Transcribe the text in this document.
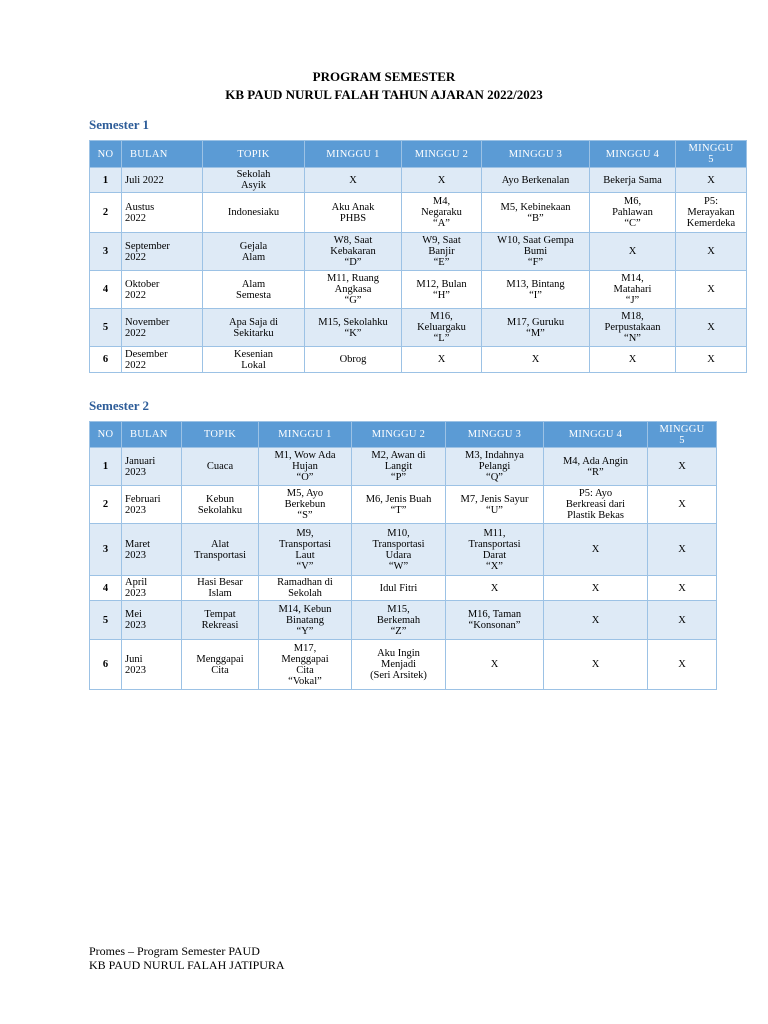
PROGRAM SEMESTER
KB PAUD NURUL FALAH TAHUN AJARAN 2022/2023
Semester 1
NO	BULAN	TOPIK	MINGGU 1	MINGGU 2	MINGGU 3	MINGGU 4	MINGGU
5
1	Juli 2022	Sekolah
Asyik	X	X	Ayo Berkenalan	Bekerja Sama	X
2	Austus
2022	Indonesiaku	Aku Anak
PHBS	M4,
Negaraku
“A”	M5, Kebinekaan
“B”	M6,
Pahlawan
“C”	P5:
Merayakan
Kemerdeka
3	September
2022	Gejala
Alam	W8, Saat
Kebakaran
“D”	W9, Saat
Banjir
“E”	W10, Saat Gempa
Bumi
“F”	X	X
4	Oktober
2022	Alam
Semesta	M11, Ruang
Angkasa
“G”	M12, Bulan
“H”	M13, Bintang
“I”	M14,
Matahari
“J”	X
5	November
2022	Apa Saja di
Sekitarku	M15, Sekolahku
“K”	M16,
Keluargaku
“L”	M17, Guruku
“M”	M18,
Perpustakaan
“N”	X
6	Desember
2022	Kesenian
Lokal	Obrog	X	X	X	X
Semester 2
NO	BULAN	TOPIK	MINGGU 1	MINGGU 2	MINGGU 3	MINGGU 4	MINGGU
5
1	Januari
2023	Cuaca	M1, Wow Ada
Hujan
“O”	M2, Awan di
Langit
“P”	M3, Indahnya
Pelangi
“Q”	M4, Ada Angin
“R”	X
2	Februari
2023	Kebun
Sekolahku	M5, Ayo
Berkebun
“S”	M6, Jenis Buah
“T”	M7, Jenis Sayur
“U”	P5: Ayo
Berkreasi dari
Plastik Bekas	X
3	Maret
2023	Alat
Transportasi	M9,
Transportasi
Laut
“V”	M10,
Transportasi
Udara
“W”	M11,
Transportasi
Darat
“X”	X	X
4	April
2023	Hasi Besar
Islam	Ramadhan di
Sekolah	Idul Fitri	X	X	X
5	Mei
2023	Tempat
Rekreasi	M14, Kebun
Binatang
“Y”	M15,
Berkemah
“Z”	M16, Taman
“Konsonan”	X	X
6	Juni
2023	Menggapai
Cita	M17,
Menggapai
Cita
“Vokal”	Aku Ingin
Menjadi
(Seri Arsitek)	X	X	X
Promes – Program Semester PAUD
KB PAUD NURUL FALAH JATIPURA
